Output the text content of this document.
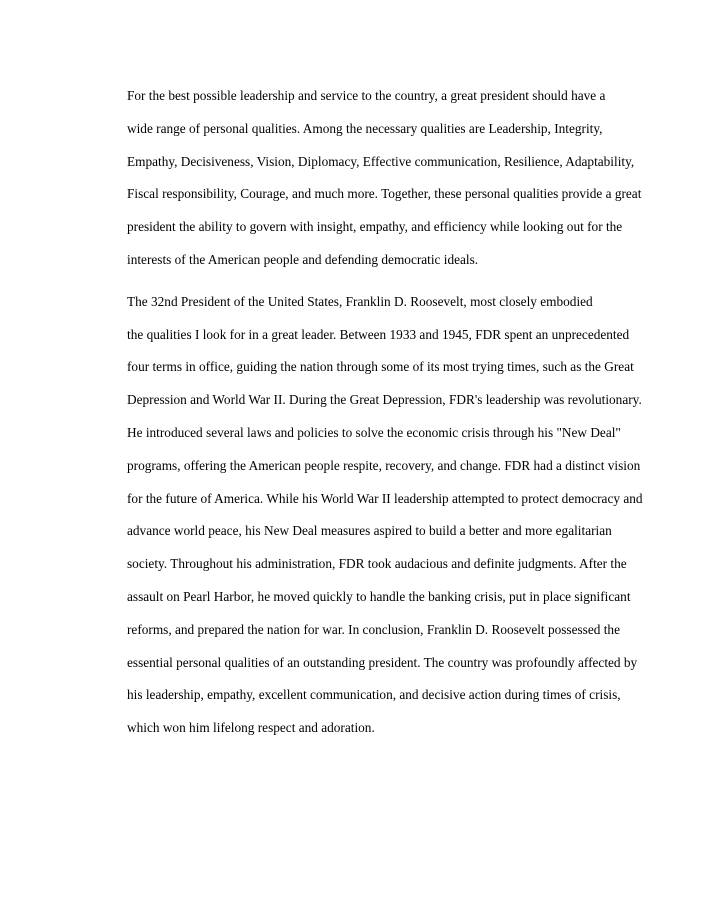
For the best possible leadership and service to the country, a great president should have a
wide range of personal qualities. Among the necessary qualities are Leadership, Integrity,
Empathy, Decisiveness, Vision, Diplomacy, Effective communication, Resilience, Adaptability,
Fiscal responsibility, Courage, and much more. Together, these personal qualities provide a great
president the ability to govern with insight, empathy, and efficiency while looking out for the
interests of the American people and defending democratic ideals.

The 32nd President of the United States, Franklin D. Roosevelt, most closely embodied
the qualities I look for in a great leader. Between 1933 and 1945, FDR spent an unprecedented
four terms in office, guiding the nation through some of its most trying times, such as the Great
Depression and World War II. During the Great Depression, FDR's leadership was revolutionary.
He introduced several laws and policies to solve the economic crisis through his "New Deal"
programs, offering the American people respite, recovery, and change. FDR had a distinct vision
for the future of America. While his World War II leadership attempted to protect democracy and
advance world peace, his New Deal measures aspired to build a better and more egalitarian
society. Throughout his administration, FDR took audacious and definite judgments. After the
assault on Pearl Harbor, he moved quickly to handle the banking crisis, put in place significant
reforms, and prepared the nation for war. In conclusion, Franklin D. Roosevelt possessed the
essential personal qualities of an outstanding president. The country was profoundly affected by
his leadership, empathy, excellent communication, and decisive action during times of crisis,
which won him lifelong respect and adoration.
